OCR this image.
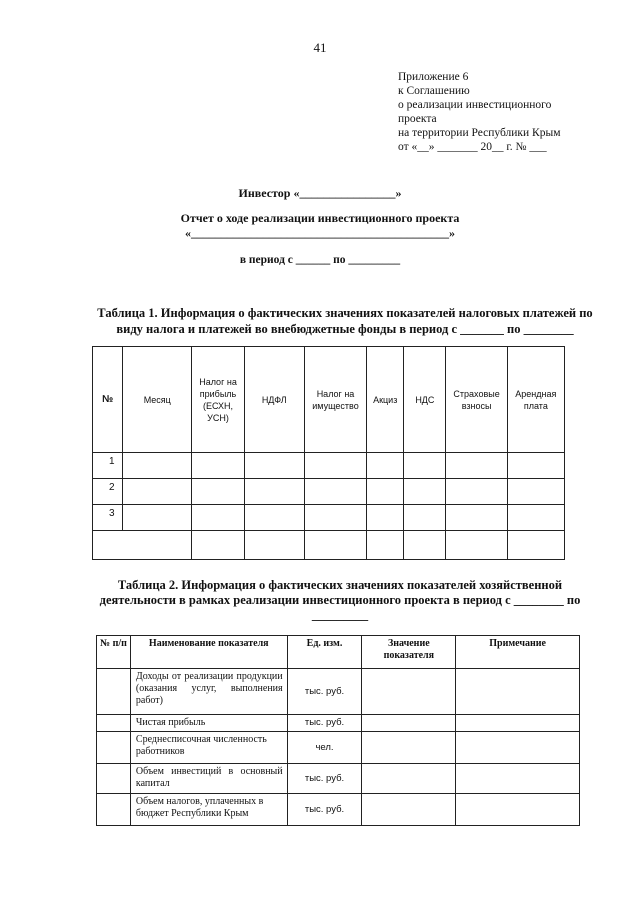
41
Приложение 6
к Соглашению
о реализации инвестиционного
проекта
на территории Республики Крым
от «__» _______ 20__ г. № ___
Инвестор «________________»
Отчет о ходе реализации инвестиционного проекта
«___________________________________________»
в период с ______ по _________
Таблица 1. Информация о фактических значениях показателей налоговых платежей по виду налога и платежей во внебюджетные фонды в период с _______ по ________
№	Месяц	Налог на прибыль (ЕСХН, УСН)	НДФЛ	Налог на имущество	Акциз	НДС	Страховые взносы	Арендная плата
1								
2								
3								

Таблица 2. Информация о фактических значениях показателей хозяйственной деятельности в рамках реализации инвестиционного проекта в период с ________ по _________
№ п/п	Наименование показателя	Ед. изм.	Значение показателя	Примечание
	Доходы от реализации продукции (оказания услуг, выполнения работ)	тыс. руб.		
	Чистая прибыль	тыс. руб.		
	Среднесписочная численность работников	чел.		
	Объем инвестиций в основный капитал	тыс. руб.		
	Объем налогов, уплаченных в бюджет Республики Крым	тыс. руб.		
